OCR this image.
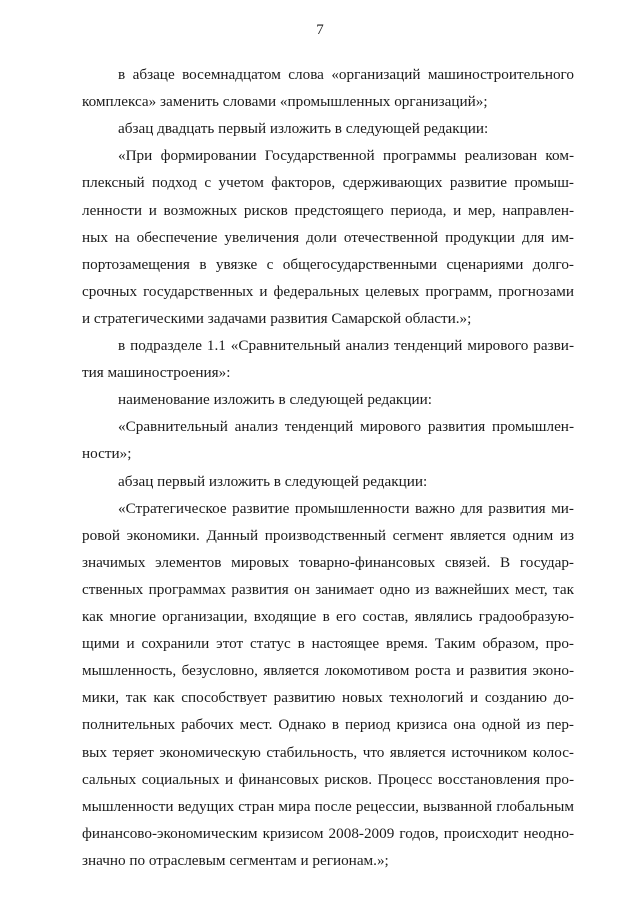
7
в абзаце восемнадцатом слова «организаций машиностроительного
комплекса» заменить словами «промышленных организаций»;
абзац двадцать первый изложить в следующей редакции:
«При формировании Государственной программы реализован ком-
плексный подход с учетом факторов, сдерживающих развитие промыш-
ленности и возможных рисков предстоящего периода, и мер, направлен-
ных на обеспечение увеличения доли отечественной продукции для им-
портозамещения в увязке с общегосударственными сценариями долго-
срочных государственных и федеральных целевых программ, прогнозами
и стратегическими задачами развития Самарской области.»;
в подразделе 1.1 «Сравнительный анализ тенденций мирового разви-
тия машиностроения»:
наименование изложить в следующей редакции:
«Сравнительный анализ тенденций мирового развития промышлен-
ности»;
абзац первый изложить в следующей редакции:
«Стратегическое развитие промышленности важно для развития ми-
ровой экономики. Данный производственный сегмент является одним из
значимых элементов мировых товарно-финансовых связей. В государ-
ственных программах развития он занимает одно из важнейших мест, так
как многие организации, входящие в его состав, являлись градообразую-
щими и сохранили этот статус в настоящее время. Таким образом, про-
мышленность, безусловно, является локомотивом роста и развития эконо-
мики, так как способствует развитию новых технологий и созданию до-
полнительных рабочих мест. Однако в период кризиса она одной из пер-
вых теряет экономическую стабильность, что является источником колос-
сальных социальных и финансовых рисков. Процесс восстановления про-
мышленности ведущих стран мира после рецессии, вызванной глобальным
финансово-экономическим кризисом 2008-2009 годов, происходит неодно-
значно по отраслевым сегментам и регионам.»;
